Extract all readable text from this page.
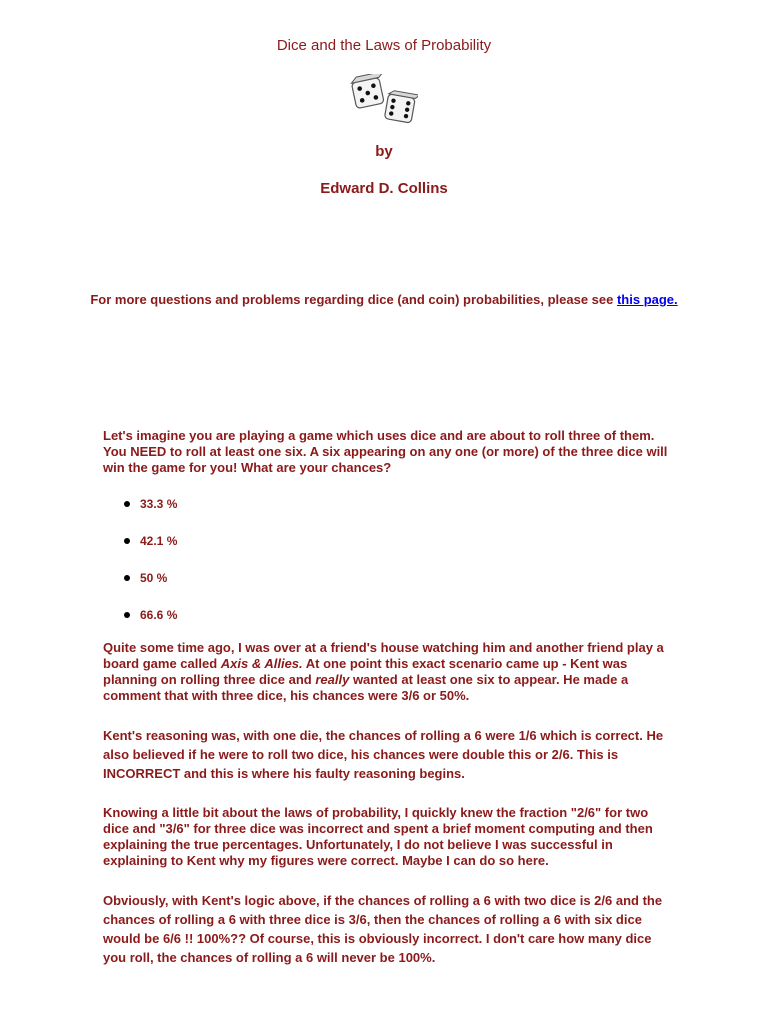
Dice and the Laws of Probability
by
Edward D. Collins
For more questions and problems regarding dice (and coin) probabilities, please see this page.

Let's imagine you are playing a game which uses dice and are about to roll three of them. You NEED to roll at least one six. A six appearing on any one (or more) of the three dice will win the game for you! What are your chances?

33.3 %
42.1 %
50 %
66.6 %

Quite some time ago, I was over at a friend's house watching him and another friend play a board game called Axis & Allies. At one point this exact scenario came up - Kent was planning on rolling three dice and really wanted at least one six to appear. He made a comment that with three dice, his chances were 3/6 or 50%.

Kent's reasoning was, with one die, the chances of rolling a 6 were 1/6 which is correct. He also believed if he were to roll two dice, his chances were double this or 2/6. This is INCORRECT and this is where his faulty reasoning begins.

Knowing a little bit about the laws of probability, I quickly knew the fraction "2/6" for two dice and "3/6" for three dice was incorrect and spent a brief moment computing and then explaining the true percentages. Unfortunately, I do not believe I was successful in explaining to Kent why my figures were correct. Maybe I can do so here.

Obviously, with Kent's logic above, if the chances of rolling a 6 with two dice is 2/6 and the chances of rolling a 6 with three dice is 3/6, then the chances of rolling a 6 with six dice would be 6/6 !! 100%?? Of course, this is obviously incorrect. I don't care how many dice you roll, the chances of rolling a 6 will never be 100%.
